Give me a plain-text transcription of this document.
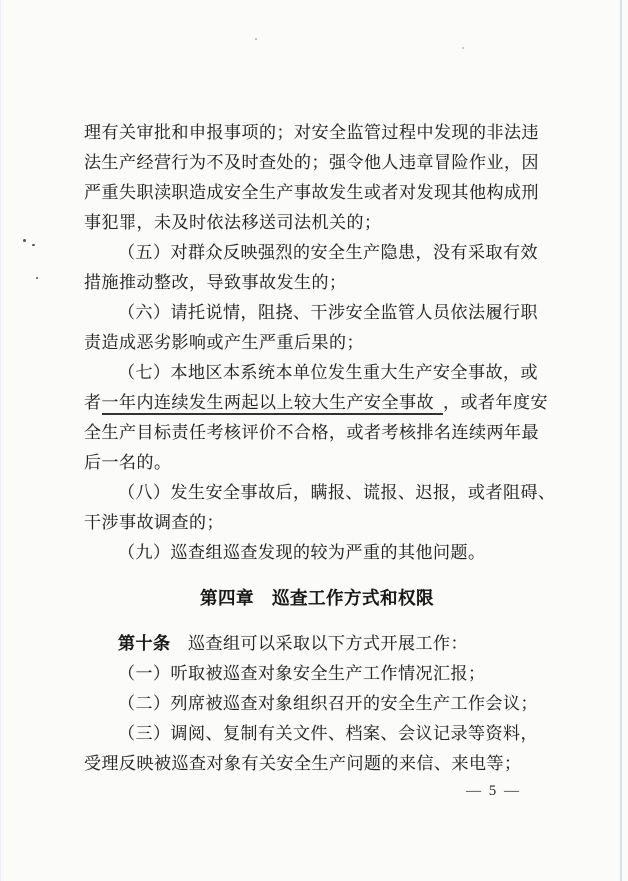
理有关审批和申报事项的；对安全监管过程中发现的非法违

法生产经营行为不及时查处的；强令他人违章冒险作业，因

严重失职渎职造成安全生产事故发生或者对发现其他构成刑

事犯罪，未及时依法移送司法机关的；

（五）对群众反映强烈的安全生产隐患，没有采取有效

措施推动整改，导致事故发生的；

（六）请托说情，阻挠、干涉安全监管人员依法履行职

责造成恶劣影响或产生严重后果的；

（七）本地区本系统本单位发生重大生产安全事故，或

者一年内连续发生两起以上较大生产安全事故 ，或者年度安

全生产目标责任考核评价不合格，或者考核排名连续两年最

后一名的。

（八）发生安全事故后，瞒报、谎报、迟报，或者阻碍、

干涉事故调查的；

（九）巡查组巡查发现的较为严重的其他问题。

第四章　巡查工作方式和权限

第十条　巡查组可以采取以下方式开展工作：

（一）听取被巡查对象安全生产工作情况汇报；

（二）列席被巡查对象组织召开的安全生产工作会议；

（三）调阅、复制有关文件、档案、会议记录等资料，

受理反映被巡查对象有关安全生产问题的来信、来电等；

— 5 —
